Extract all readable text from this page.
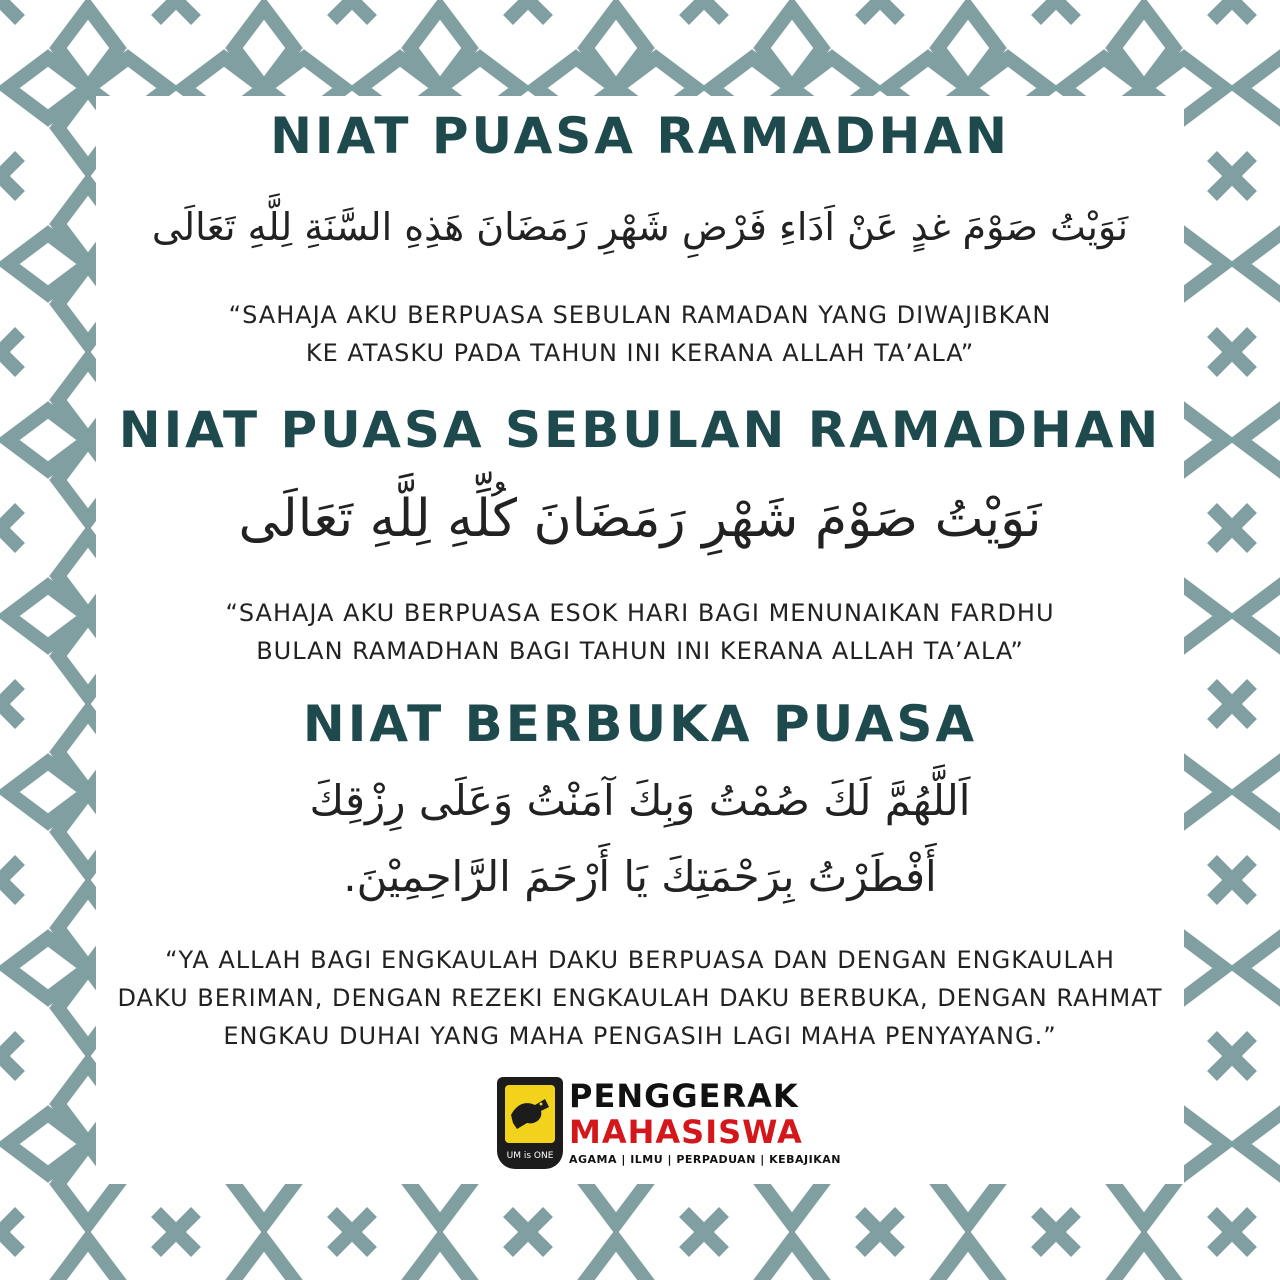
NIAT PUASA RAMADHAN
نَوَيْتُ صَوْمَ غدٍ عَنْ اَدَاءِ فَرْضِ شَهْرِ رَمَضَانَ هَذِهِ السَّنَةِ لِلَّهِ تَعَالَى
“SAHAJA AKU BERPUASA SEBULAN RAMADAN YANG DIWAJIBKAN
KE ATASKU PADA TAHUN INI KERANA ALLAH TA’ALA”
NIAT PUASA SEBULAN RAMADHAN
نَوَيْتُ صَوْمَ شَهْرِ رَمَضَانَ كُلِّهِ لِلَّهِ تَعَالَى
“SAHAJA AKU BERPUASA ESOK HARI BAGI MENUNAIKAN FARDHU
BULAN RAMADHAN BAGI TAHUN INI KERANA ALLAH TA’ALA”
NIAT BERBUKA PUASA
اَللَّهُمَّ لَكَ صُمْتُ وَبِكَ آمَنْتُ وَعَلَى رِزْقِكَ
أَفْطَرْتُ بِرَحْمَتِكَ يَا أَرْحَمَ الرَّاحِمِيْنَ.
“YA ALLAH BAGI ENGKAULAH DAKU BERPUASA DAN DENGAN ENGKAULAH
DAKU BERIMAN, DENGAN REZEKI ENGKAULAH DAKU BERBUKA, DENGAN RAHMAT
ENGKAU DUHAI YANG MAHA PENGASIH LAGI MAHA PENYAYANG.”
UM is ONE
PENGGERAK
MAHASISWA
AGAMA | ILMU | PERPADUAN | KEBAJIKAN
